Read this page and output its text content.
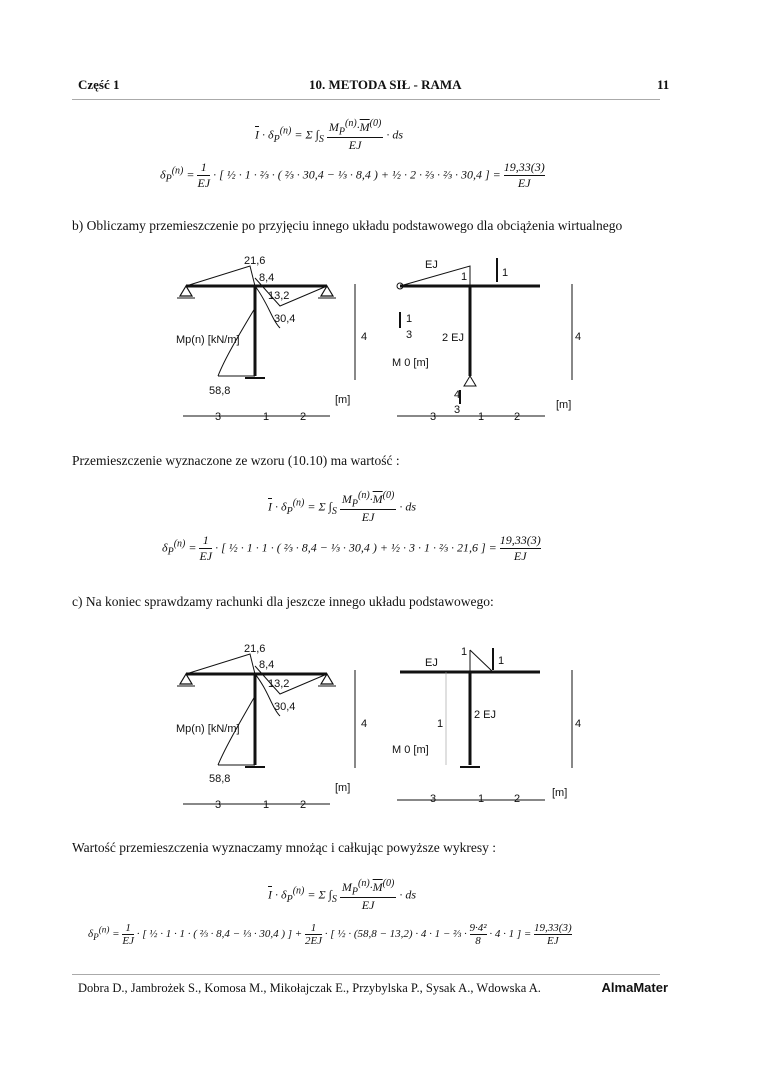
Część 1	10. METODA SIŁ - RAMA	11
$\overline{I} \cdot \delta_P^{(n)} = \Sigma$ $\int_S \frac{M_P^{(n)}\cdot\overline{M}^{(0)}}{EJ}$ · ds
$\delta_P^{(n)} = \frac{1}{EJ}$ · [ ½ · 1 · ⅔ · ( ⅔ · 30,4 − ⅓ · 8,4 ) + ½ · 2 · ⅔ · ⅔ · 30,4 ] = $\frac{19,33(3)}{EJ}$
b) Obliczamy przemieszczenie po przyjęciu innego układu podstawowego dla obciążenia wirtualnego
21,6
8,4
13,2
30,4
58,8
Mp(n) [kN/m]
3	1	2
4
[m]
EJ
1	1
2 EJ	4
1
3
4
3
M 0 [m]
3	1	2
[m]
Przemieszczenie wyznaczone ze wzoru (10.10) ma wartość :
$\overline{I} \cdot \delta_P^{(n)} = \Sigma$ $\int_S \frac{M_P^{(n)}\cdot\overline{M}^{(0)}}{EJ}$ · ds
$\delta_P^{(n)} = \frac{1}{EJ}$ · [ ½ · 1 · 1 · ( ⅔ · 8,4 − ⅓ · 30,4 ) + ½ · 3 · 1 · ⅔ · 21,6 ] = $\frac{19,33(3)}{EJ}$
c) Na koniec sprawdzamy rachunki dla jeszcze innego układu podstawowego:
21,6
8,4
13,2
30,4
58,8
Mp(n) [kN/m]
3	1	2
4
[m]
EJ
1
1
1
2 EJ
M 0 [m]
4
3	1	2	[m]
Wartość przemieszczenia wyznaczamy mnożąc i całkując powyższe wykresy :
$\overline{I} \cdot \delta_P^{(n)} = \Sigma$ $\int_S \frac{M_P^{(n)}\cdot\overline{M}^{(0)}}{EJ}$ · ds
$\delta_P^{(n)} = \frac{1}{EJ}$ · [ ½ · 1 · 1 · ( ⅔ · 8,4 − ⅓ · 30,4 ) ] + $\frac{1}{2EJ}$ · [ ½ · (58,8 − 13,2) · 4 · 1 − ⅔ · $\frac{\text{9·4²}}{8} \cdot 4 \cdot 1$ ] = $\frac{19,33(3)}{EJ}$
Dobra D., Jambrożek S., Komosa M., Mikołajczak E., Przybylska P., Sysak A., Wdowska A.	AlmaMater
